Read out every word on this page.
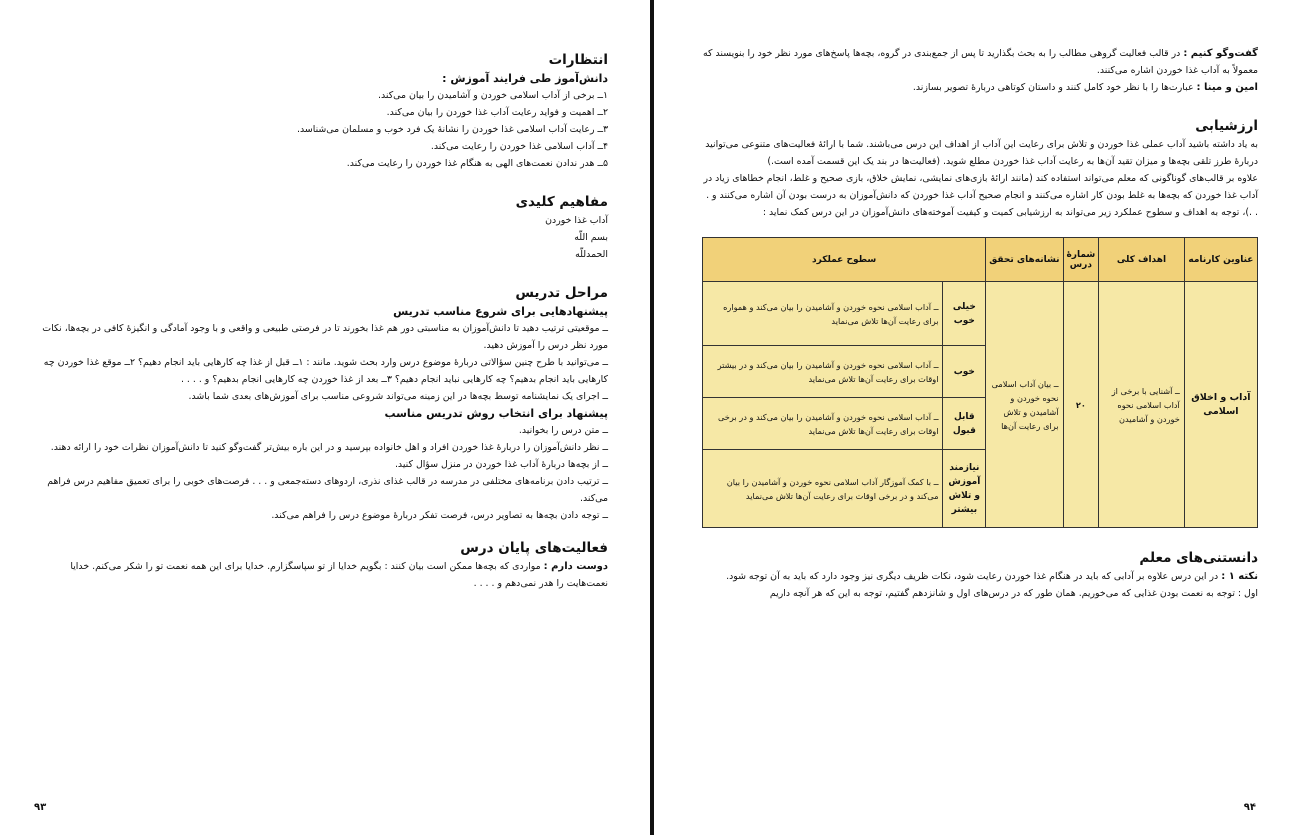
انتظارات
دانش‌آموز طی فرایند آموزش :
۱ــ برخی از آداب اسلامی خوردن و آشامیدن را بیان می‌کند.
۲ــ اهمیت و فواید رعایت آداب غذا خوردن را بیان می‌کند.
۳ــ رعایت آداب اسلامی غذا خوردن را نشانهٔ یک فرد خوب و مسلمان می‌شناسد.
۴ــ آداب اسلامی غذا خوردن را رعایت می‌کند.
۵ــ هدر ندادن نعمت‌های الهی به هنگام غذا خوردن را رعایت می‌کند.
مفاهیم کلیدی
آداب غذا خوردن
بسم اللّه
الحمدللّه
مراحل تدریس
پیشنهادهایی برای شروع مناسب تدریس

ــ موقعیتی ترتیب دهید تا دانش‌آموزان به مناسبتی دور هم غذا بخورند تا در فرصتی طبیعی و واقعی و با وجود آمادگی و انگیزهٔ کافی در بچه‌ها، نکات مورد نظر درس را آموزش دهید.

ــ می‌توانید با طرح چنین سؤالاتی دربارهٔ موضوع درس وارد بحث شوید. مانند : ۱ــ قبل از غذا چه کارهایی باید انجام دهیم؟ ۲ــ موقع غذا خوردن چه کارهایی باید انجام بدهیم؟ چه کارهایی نباید انجام دهیم؟ ۳ــ بعد از غذا خوردن چه کارهایی انجام بدهیم؟ و . . . .

ــ اجرای یک نمایشنامه توسط بچه‌ها در این زمینه می‌تواند شروعی مناسب برای آموزش‌های بعدی شما باشد.

پیشنهاد برای انتخاب روش تدریس مناسب

ــ متن درس را بخوانید.

ــ نظر دانش‌آموزان را دربارهٔ غذا خوردن افراد و اهل خانواده بپرسید و در این باره بیش‌تر گفت‌وگو کنید تا دانش‌آموزان نظرات خود را ارائه دهند.

ــ از بچه‌ها دربارهٔ آداب غذا خوردن در منزل سؤال کنید.

ــ ترتیب دادن برنامه‌های مختلفی در مدرسه در قالب غذای نذری، اردوهای دسته‌جمعی و . . . فرصت‌های خوبی را برای تعمیق مفاهیم درس فراهم می‌کند.

ــ توجه دادن بچه‌ها به تصاویر درس، فرصت تفکر دربارهٔ موضوع درس را فراهم می‌کند.

فعالیت‌های پایان درس

دوست دارم : مواردی که بچه‌ها ممکن است بیان کنند : بگویم خدایا از تو سپاسگزارم. خدایا برای این همه نعمت تو را شکر می‌کنم. خدایا نعمت‌هایت را هدر نمی‌دهم و . . . .

۹۳

گفت‌وگو کنیم : در قالب فعالیت گروهی مطالب را به بحث بگذارید تا پس از جمع‌بندی در گروه، بچه‌ها پاسخ‌های مورد نظر خود را بنویسند که معمولاً به آداب غذا خوردن اشاره می‌کنند.

امین و مینا : عبارت‌ها را با نظر خود کامل کنند و داستان کوتاهی دربارهٔ تصویر بسازند.

ارزشیابی

به یاد داشته باشید آداب عملی غذا خوردن و تلاش برای رعایت این آداب از اهداف این درس می‌باشند. شما با ارائهٔ فعالیت‌های متنوعی می‌توانید دربارهٔ طرز تلقی بچه‌ها و میزان تقید آن‌ها به رعایت آداب غذا خوردن مطلع شوید. (فعالیت‌ها در بند یک این قسمت آمده است.)

علاوه بر قالب‌های گوناگونی که معلم می‌تواند استفاده کند (مانند ارائهٔ بازی‌های نمایشی، نمایش خلاق، بازی صحیح و غلط، انجام خطاهای زیاد در آداب غذا خوردن که بچه‌ها به غلط بودن کار اشاره می‌کنند و انجام صحیح آداب غذا خوردن که دانش‌آموزان به درست بودن آن اشاره می‌کنند و . . .)، توجه به اهداف و سطوح عملکرد زیر می‌تواند به ارزشیابی کمیت و کیفیت آموخته‌های دانش‌آموزان در این درس کمک نماید :

عناوین کارنامه	اهداف کلی	شمارهٔ درس	نشانه‌های تحقق	سطوح عملکرد	
آداب و اخلاق اسلامی	ــ آشنایی با برخی از آداب اسلامی نحوه خوردن و آشامیدن	۲۰	ــ بیان آداب اسلامی نحوه خوردن و آشامیدن و تلاش برای رعایت آن‌ها	خیلی خوب	ــ آداب اسلامی نحوه خوردن و آشامیدن را بیان می‌کند و همواره برای رعایت آن‌ها تلاش می‌نماید
				خوب	ــ آداب اسلامی نحوه خوردن و آشامیدن را بیان می‌کند و در بیشتر اوقات برای رعایت آن‌ها تلاش می‌نماید
				قابل قبول	ــ آداب اسلامی نحوه خوردن و آشامیدن را بیان می‌کند و در برخی اوقات برای رعایت آن‌ها تلاش می‌نماید
				نیازمند آموزش و تلاش بیشتر	ــ با کمک آموزگار آداب اسلامی نحوه خوردن و آشامیدن را بیان می‌کند و در برخی اوقات برای رعایت آن‌ها تلاش می‌نماید
دانستنی‌های معلم

نکته ۱ : در این درس علاوه بر آدابی که باید در هنگام غذا خوردن رعایت شود، نکات ظریف دیگری نیز وجود دارد که باید به آن توجه شود.

اول : توجه به نعمت بودن غذایی که می‌خوریم. همان طور که در درس‌های اول و شانزدهم گفتیم، توجه به این که هر آنچه داریم

۹۴
